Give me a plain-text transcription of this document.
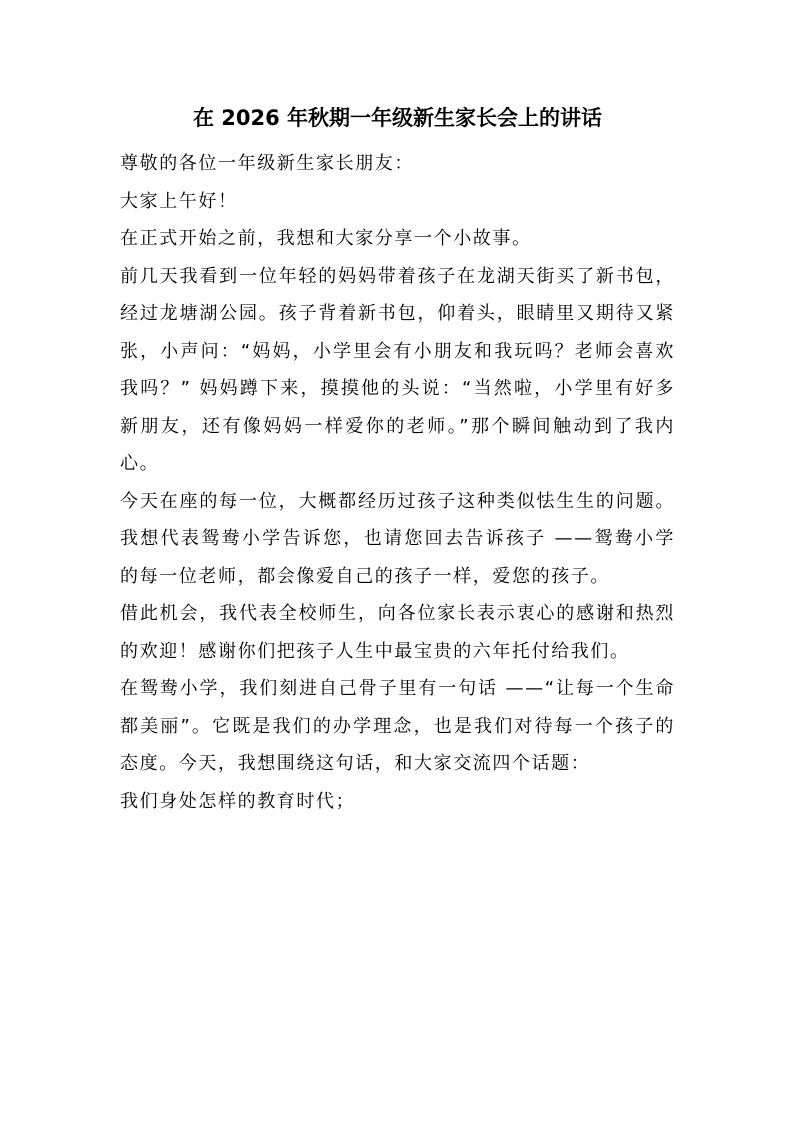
在 2026 年秋期一年级新生家长会上的讲话

尊敬的各位一年级新生家长朋友：

大家上午好！

在正式开始之前，我想和大家分享一个小故事。

前几天我看到一位年轻的妈妈带着孩子在龙湖天街买了新书包，经过龙塘湖公园。孩子背着新书包，仰着头，眼睛里又期待又紧张，小声问：“妈妈，小学里会有小朋友和我玩吗？老师会喜欢我吗？” 妈妈蹲下来，摸摸他的头说：“当然啦，小学里有好多新朋友，还有像妈妈一样爱你的老师。”那个瞬间触动到了我内心。

今天在座的每一位，大概都经历过孩子这种类似怯生生的问题。我想代表鸳鸯小学告诉您，也请您回去告诉孩子 ——鸳鸯小学的每一位老师，都会像爱自己的孩子一样，爱您的孩子。

借此机会，我代表全校师生，向各位家长表示衷心的感谢和热烈的欢迎！感谢你们把孩子人生中最宝贵的六年托付给我们。

在鸳鸯小学，我们刻进自己骨子里有一句话 ——“让每一个生命都美丽”。它既是我们的办学理念，也是我们对待每一个孩子的态度。今天，我想围绕这句话，和大家交流四个话题：

我们身处怎样的教育时代；
